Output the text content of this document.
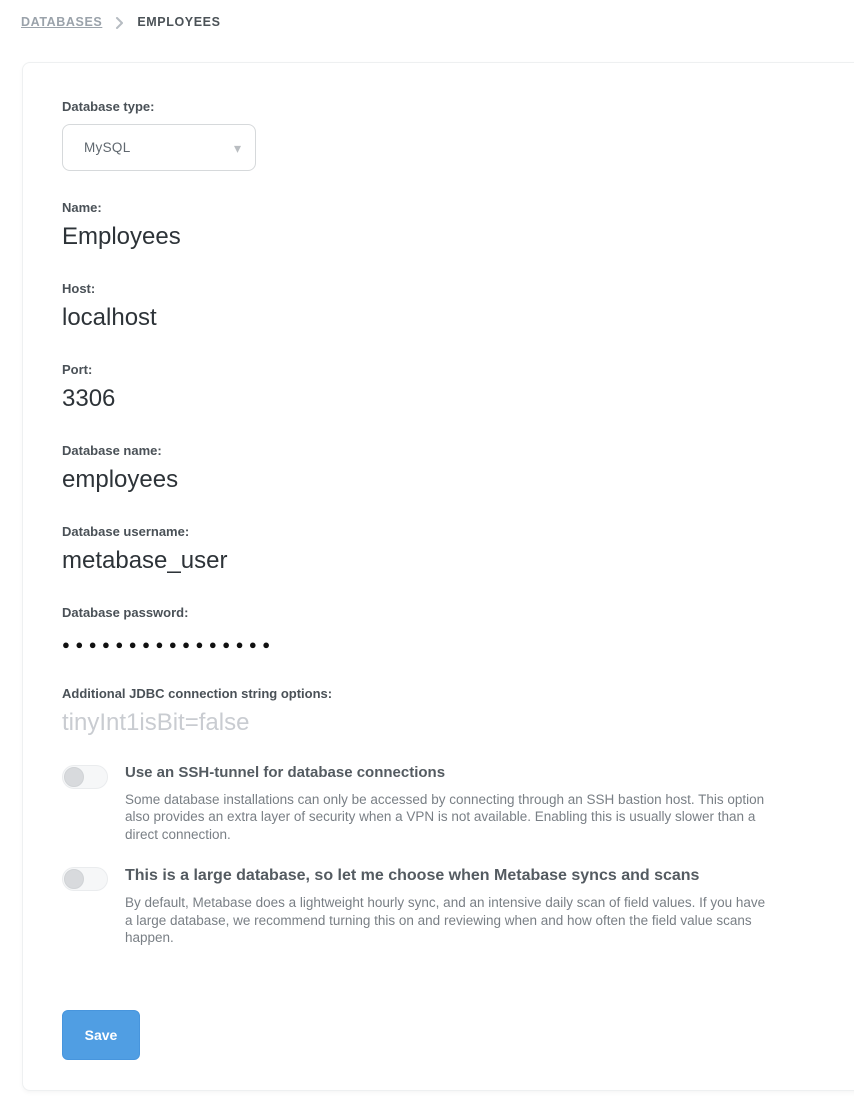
DATABASES	EMPLOYEES
Database type:
MySQL	▾
Name:
Employees
Host:
localhost
Port:
3306
Database name:
employees
Database username:
metabase_user
Database password:
●●●●●●●●●●●●●●●●
Additional JDBC connection string options:
tinyInt1isBit=false
Use an SSH-tunnel for database connections
Some database installations can only be accessed by connecting through an SSH bastion host. This option also provides an extra layer of security when a VPN is not available. Enabling this is usually slower than a direct connection.
This is a large database, so let me choose when Metabase syncs and scans
By default, Metabase does a lightweight hourly sync, and an intensive daily scan of field values. If you have a large database, we recommend turning this on and reviewing when and how often the field value scans happen.
Save
